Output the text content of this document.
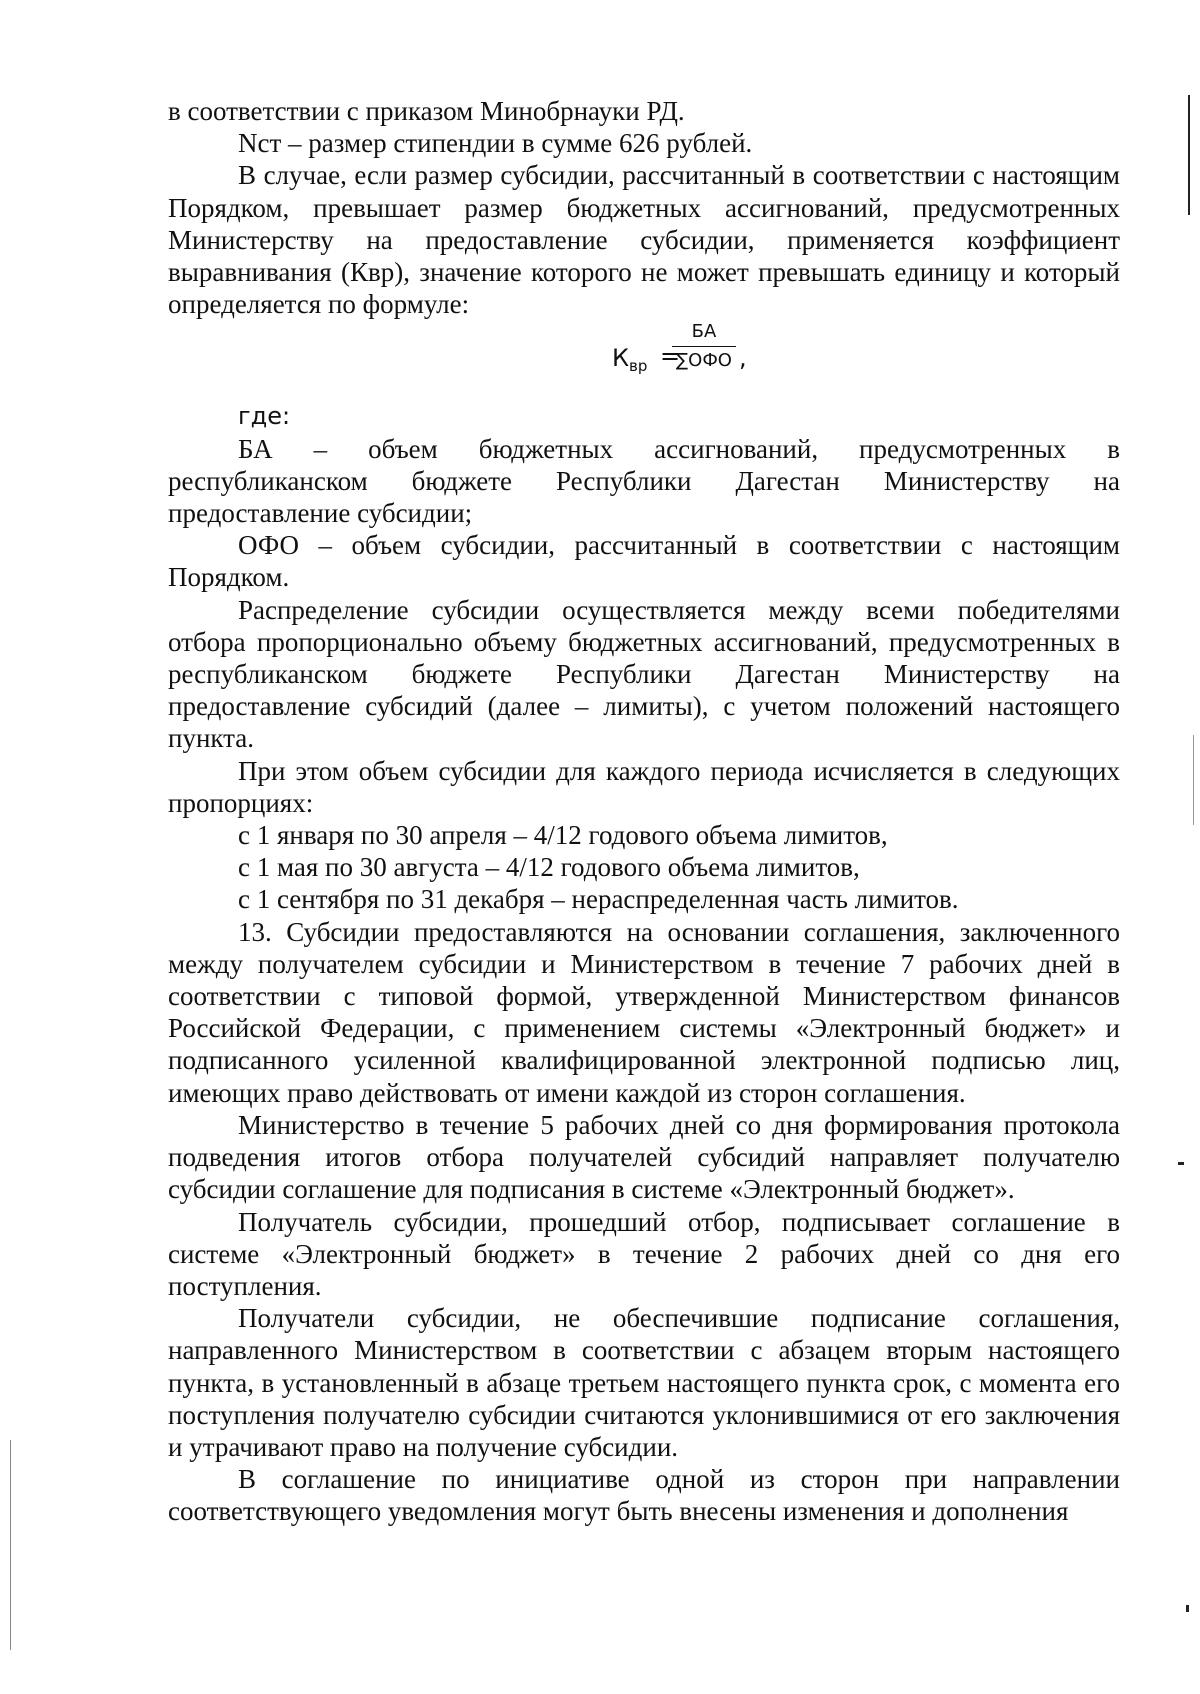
в соответствии с приказом Минобрнауки РД.

Nст – размер стипендии в сумме 626 рублей.

В случае, если размер субсидии, рассчитанный в соответствии с настоящим Порядком, превышает размер бюджетных ассигнований, предусмотренных Министерству на предоставление субсидии, применяется коэффициент выравнивания (Квр), значение которого не может превышать единицу и который определяется по формуле:

$К_{вр}$ =
БА
∑ОФО ,

где:

БА – объем бюджетных ассигнований, предусмотренных в республиканском бюджете Республики Дагестан Министерству на предоставление субсидии;

ОФО – объем субсидии, рассчитанный в соответствии с настоящим Порядком.

Распределение субсидии осуществляется между всеми победителями отбора пропорционально объему бюджетных ассигнований, предусмотренных в республиканском бюджете Республики Дагестан Министерству на предоставление субсидий (далее – лимиты), с учетом положений настоящего пункта.

При этом объем субсидии для каждого периода исчисляется в следующих пропорциях:

с 1 января по 30 апреля – 4/12 годового объема лимитов,

с 1 мая по 30 августа – 4/12 годового объема лимитов,

с 1 сентября по 31 декабря – нераспределенная часть лимитов.

13. Субсидии предоставляются на основании соглашения, заключенного между получателем субсидии и Министерством в течение 7 рабочих дней в соответствии с типовой формой, утвержденной Министерством финансов Российской Федерации, с применением системы «Электронный бюджет» и подписанного усиленной квалифицированной электронной подписью лиц, имеющих право действовать от имени каждой из сторон соглашения.

Министерство в течение 5 рабочих дней со дня формирования протокола подведения итогов отбора получателей субсидий направляет получателю субсидии соглашение для подписания в системе «Электронный бюджет».

Получатель субсидии, прошедший отбор, подписывает соглашение в системе «Электронный бюджет» в течение 2 рабочих дней со дня его поступления.

Получатели субсидии, не обеспечившие подписание соглашения, направленного Министерством в соответствии с абзацем вторым настоящего пункта, в установленный в абзаце третьем настоящего пункта срок, с момента его поступления получателю субсидии считаются уклонившимися от его заключения и утрачивают право на получение субсидии.

В соглашение по инициативе одной из сторон при направлении соответствующего уведомления могут быть внесены изменения и дополнения
